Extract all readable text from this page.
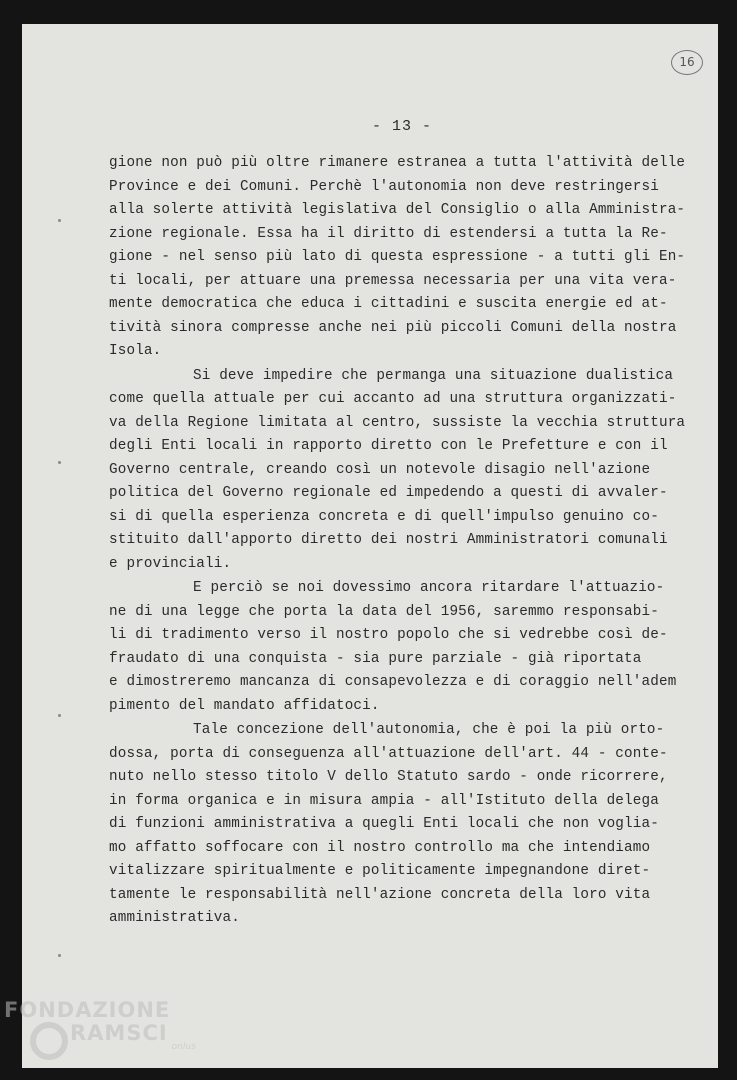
16
- 13 -
gione non può più oltre rimanere estranea a tutta l'attività delle
Province e dei Comuni. Perchè l'autonomia non deve restringersi
alla solerte attività legislativa del Consiglio o alla Amministra-
zione regionale. Essa ha il diritto di estendersi a tutta la Re-
gione - nel senso più lato di questa espressione - a tutti gli En-
ti locali, per attuare una premessa necessaria per una vita vera-
mente democratica che educa i cittadini e suscita energie ed at-
tività sinora compresse anche nei più piccoli Comuni della nostra
Isola.
Si deve impedire che permanga una situazione dualistica
come quella attuale per cui accanto ad una struttura organizzati-
va della Regione limitata al centro, sussiste la vecchia struttura
degli Enti locali in rapporto diretto con le Prefetture e con il
Governo centrale, creando così un notevole disagio nell'azione
politica del Governo regionale ed impedendo a questi di avvaler-
si di quella esperienza concreta e di quell'impulso genuino co-
stituito dall'apporto diretto dei nostri Amministratori comunali
e provinciali.
E perciò se noi dovessimo ancora ritardare l'attuazio-
ne di una legge che porta la data del 1956, saremmo responsabi-
li di tradimento verso il nostro popolo che si vedrebbe così de-
fraudato di una conquista - sia pure parziale - già riportata
e dimostreremo mancanza di consapevolezza e di coraggio nell'adem
pimento del mandato affidatoci.
Tale concezione dell'autonomia, che è poi la più orto-
dossa, porta di conseguenza all'attuazione dell'art. 44 - conte-
nuto nello stesso titolo V dello Statuto sardo - onde ricorrere,
in forma organica e in misura ampia - all'Istituto della delega
di funzioni amministrativa a quegli Enti locali che non voglia-
mo affatto soffocare con il nostro controllo ma che intendiamo
vitalizzare spiritualmente e politicamente impegnandone diret-
tamente le responsabilità nell'azione concreta della loro vita
amministrativa.
FONDAZIONE
RAMSCI
onlus
